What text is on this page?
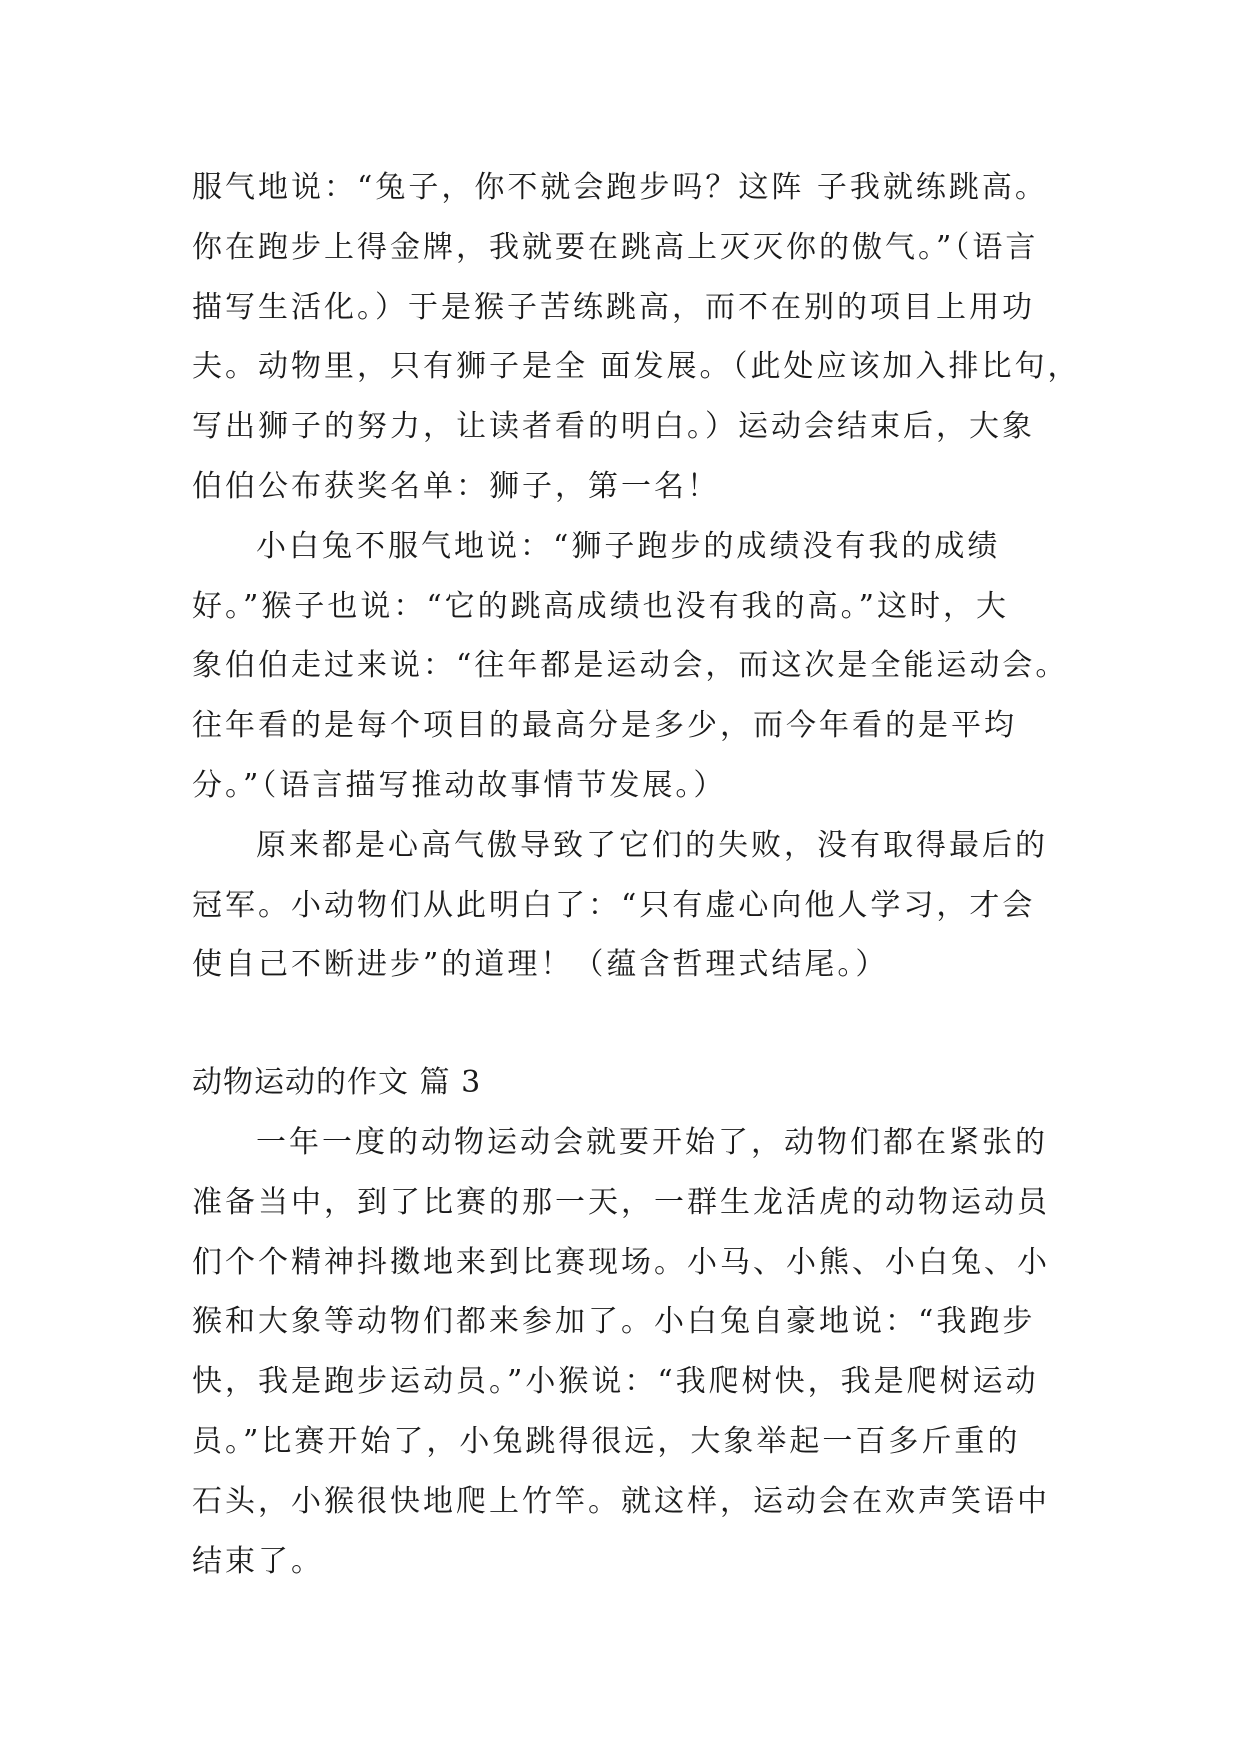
服气地说：“兔子，你不就会跑步吗？这阵 子我就练跳高。
你在跑步上得金牌，我就要在跳高上灭灭你的傲气。”（语言
描写生活化。）于是猴子苦练跳高，而不在别的项目上用功
夫。动物里，只有狮子是全 面发展。（此处应该加入排比句，
写出狮子的努力，让读者看的明白。）运动会结束后，大象
伯伯公布获奖名单：狮子，第一名！
小白兔不服气地说：“狮子跑步的成绩没有我的成绩
好。”猴子也说：“它的跳高成绩也没有我的高。”这时，大
象伯伯走过来说：“往年都是运动会，而这次是全能运动会。
往年看的是每个项目的最高分是多少，而今年看的是平均
分。”（语言描写推动故事情节发展。）
原来都是心高气傲导致了它们的失败，没有取得最后的
冠军。小动物们从此明白了：“只有虚心向他人学习，才会
使自己不断进步”的道理！（蕴含哲理式结尾。）
动物运动的作文 篇 3
一年一度的动物运动会就要开始了，动物们都在紧张的
准备当中，到了比赛的那一天，一群生龙活虎的动物运动员
们个个精神抖擞地来到比赛现场。小马、小熊、小白兔、小
猴和大象等动物们都来参加了。小白兔自豪地说：“我跑步
快，我是跑步运动员。”小猴说：“我爬树快，我是爬树运动
员。”比赛开始了，小兔跳得很远，大象举起一百多斤重的
石头，小猴很快地爬上竹竿。就这样，运动会在欢声笑语中
结束了。
